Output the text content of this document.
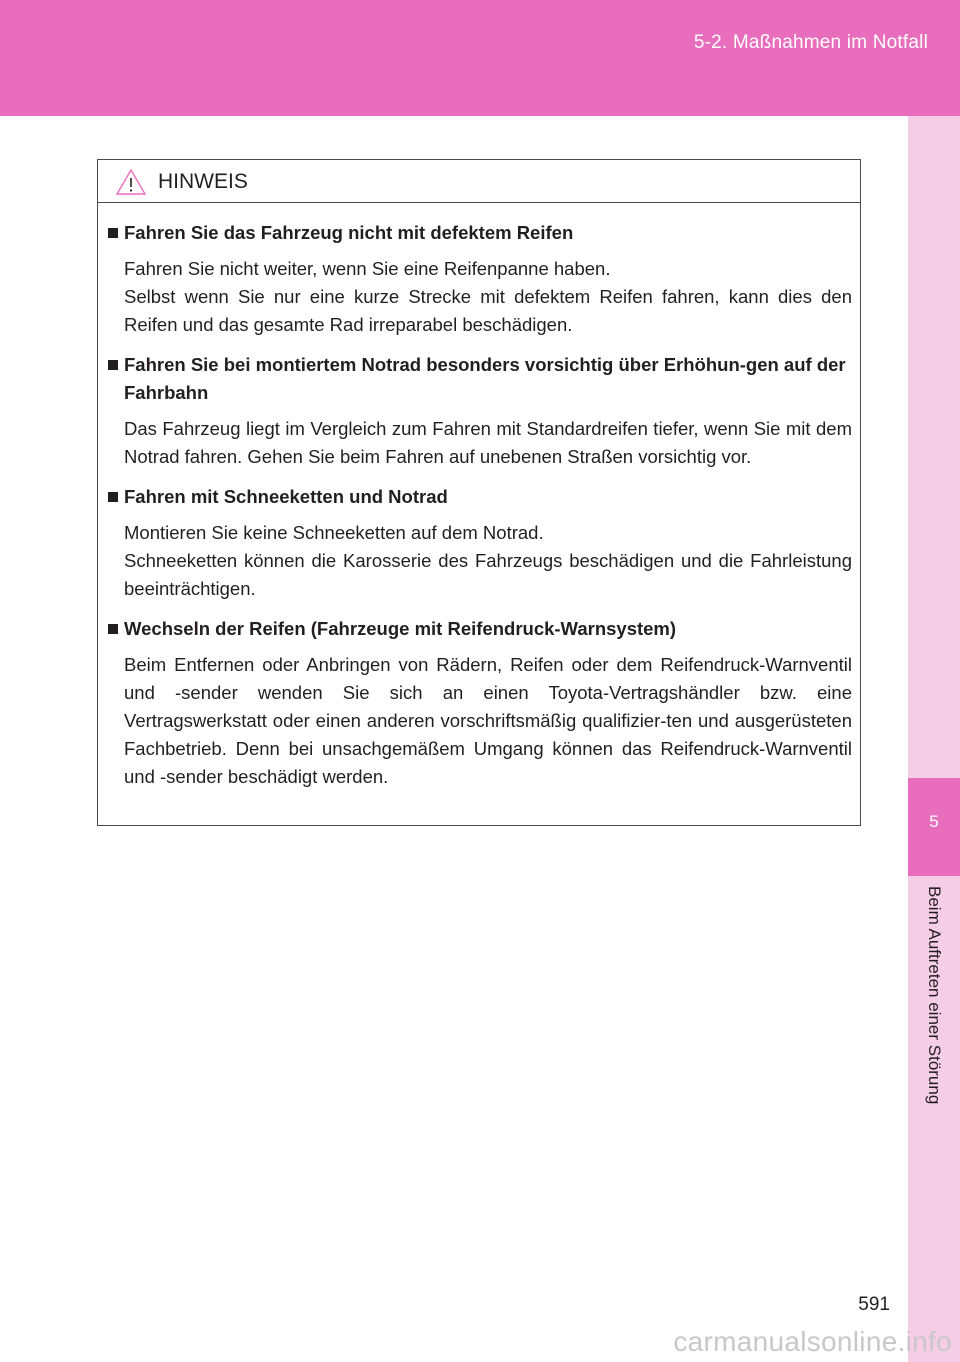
5-2. Maßnahmen im Notfall
5
Beim Auftreten einer Störung
HINWEIS
Fahren Sie das Fahrzeug nicht mit defektem Reifen

Fahren Sie nicht weiter, wenn Sie eine Reifenpanne haben.

Selbst wenn Sie nur eine kurze Strecke mit defektem Reifen fahren, kann dies den Reifen und das gesamte Rad irreparabel beschädigen.

Fahren Sie bei montiertem Notrad besonders vorsichtig über Erhöhun-gen auf der Fahrbahn

Das Fahrzeug liegt im Vergleich zum Fahren mit Standardreifen tiefer, wenn Sie mit dem Notrad fahren. Gehen Sie beim Fahren auf unebenen Straßen vorsichtig vor.

Fahren mit Schneeketten und Notrad

Montieren Sie keine Schneeketten auf dem Notrad.

Schneeketten können die Karosserie des Fahrzeugs beschädigen und die Fahrleistung beeinträchtigen.

Wechseln der Reifen (Fahrzeuge mit Reifendruck-Warnsystem)

Beim Entfernen oder Anbringen von Rädern, Reifen oder dem Reifendruck-Warnventil und -sender wenden Sie sich an einen Toyota-Vertragshändler bzw. eine Vertragswerkstatt oder einen anderen vorschriftsmäßig qualifizier-ten und ausgerüsteten Fachbetrieb. Denn bei unsachgemäßem Umgang können das Reifendruck-Warnventil und -sender beschädigt werden.

591
carmanualsonline.info
